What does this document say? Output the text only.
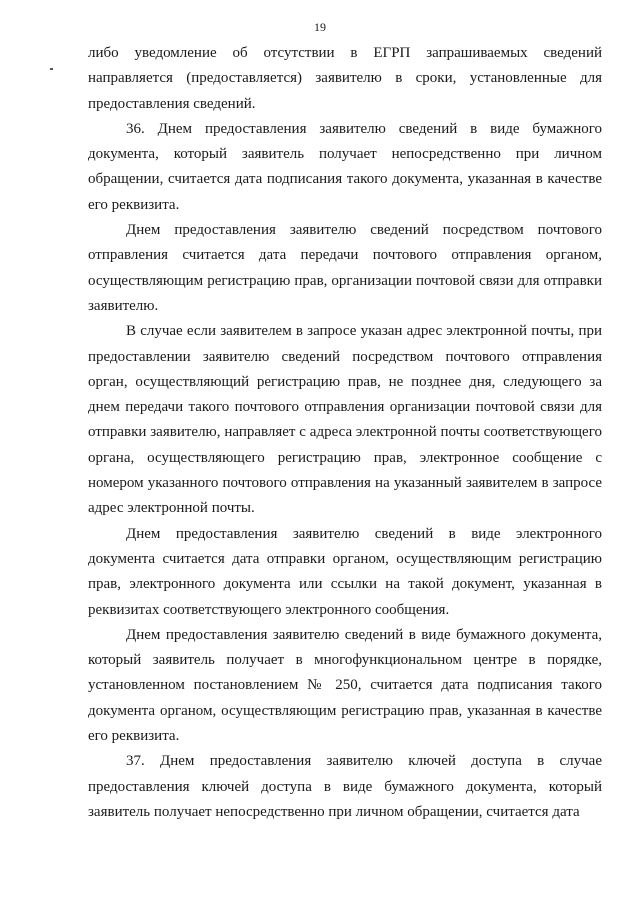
19

либо уведомление об отсутствии в ЕГРП запрашиваемых сведений направляется (предоставляется) заявителю в сроки, установленные для предоставления сведений.

36. Днем предоставления заявителю сведений в виде бумажного документа, который заявитель получает непосредственно при личном обращении, считается дата подписания такого документа, указанная в качестве его реквизита.

Днем предоставления заявителю сведений посредством почтового отправления считается дата передачи почтового отправления органом, осуществляющим регистрацию прав, организации почтовой связи для отправки заявителю.

В случае если заявителем в запросе указан адрес электронной почты, при предоставлении заявителю сведений посредством почтового отправления орган, осуществляющий регистрацию прав, не позднее дня, следующего за днем передачи такого почтового отправления организации почтовой связи для отправки заявителю, направляет с адреса электронной почты соответствующего органа, осуществляющего регистрацию прав, электронное сообщение с номером указанного почтового отправления на указанный заявителем в запросе адрес электронной почты.

Днем предоставления заявителю сведений в виде электронного документа считается дата отправки органом, осуществляющим регистрацию прав, электронного документа или ссылки на такой документ, указанная в реквизитах соответствующего электронного сообщения.

Днем предоставления заявителю сведений в виде бумажного документа, который заявитель получает в многофункциональном центре в порядке, установленном постановлением № 250, считается дата подписания такого документа органом, осуществляющим регистрацию прав, указанная в качестве его реквизита.

37. Днем предоставления заявителю ключей доступа в случае предоставления ключей доступа в виде бумажного документа, который заявитель получает непосредственно при личном обращении, считается дата
